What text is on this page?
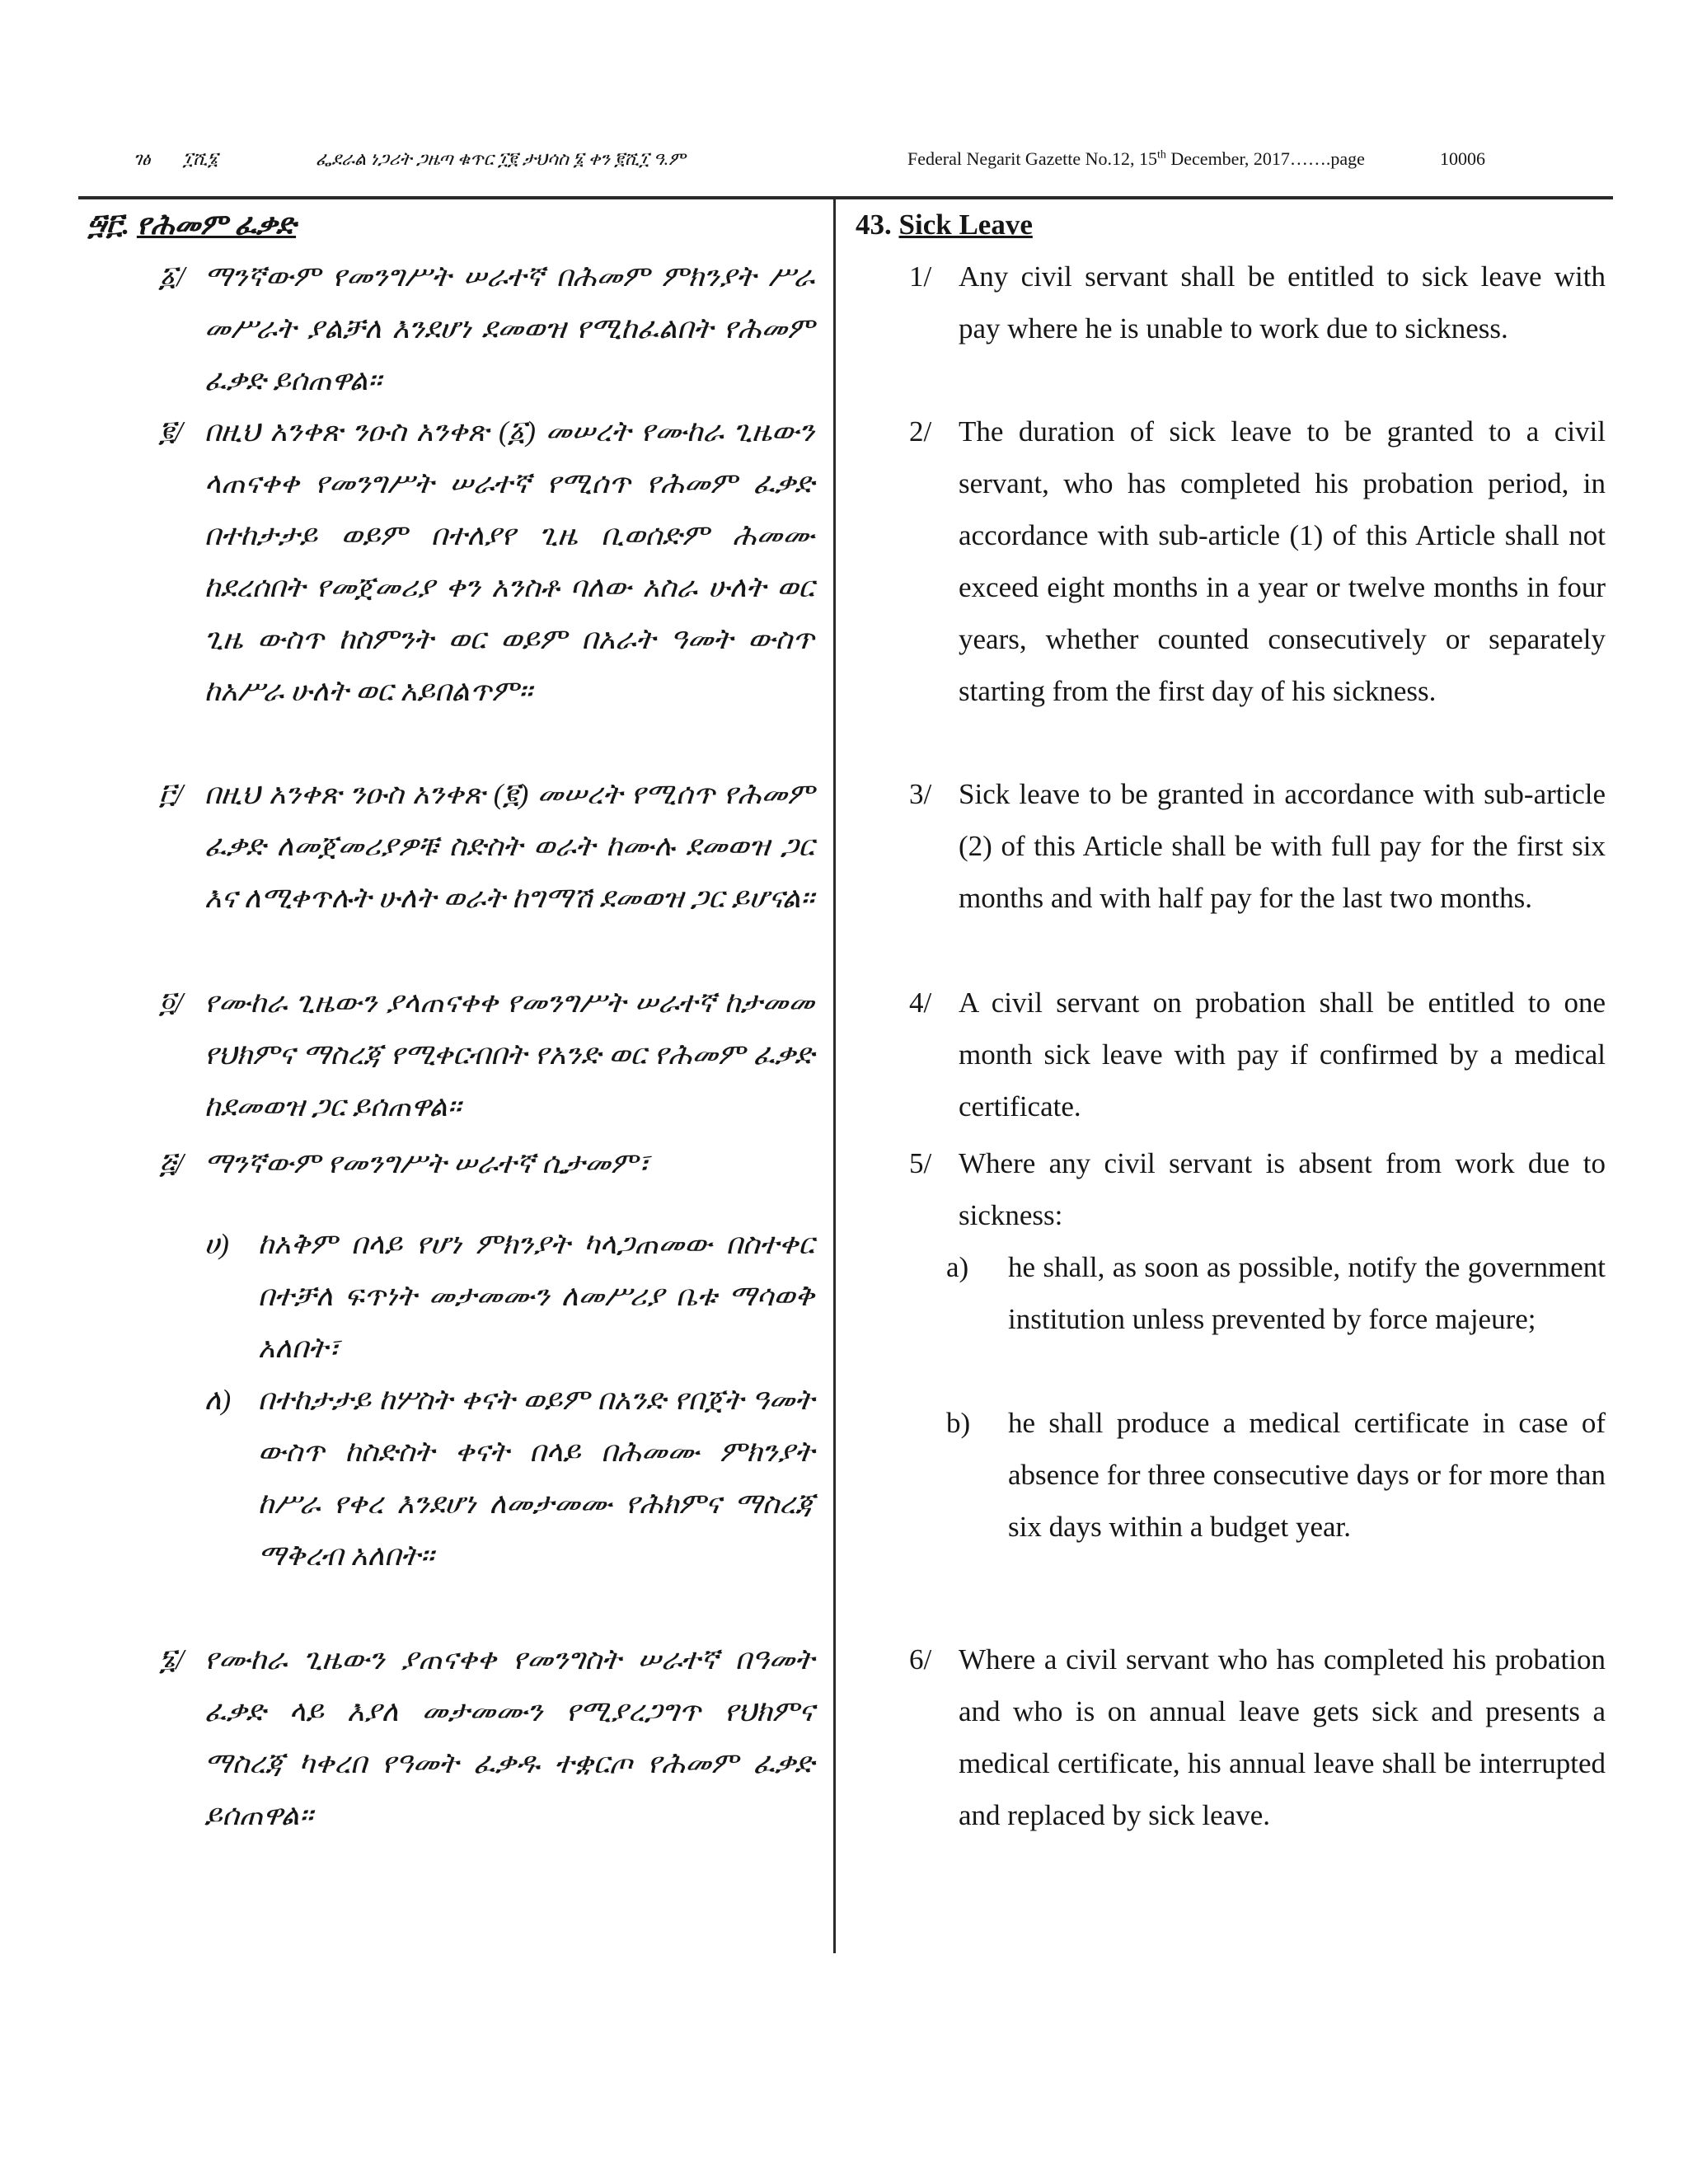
ገፅ ፲ሺ፮	ፌደራል ነጋሪት ጋዜጣ ቁጥር ፲፪ ታህሳስ ፮ ቀን ፪ሺ፲ ዓ.ም	Federal Negarit Gazette No.12, 15th December, 2017…….page	10006
፵፫. የሕመም ፈቃድ
፩/ ማንኛውም የመንግሥት ሠራተኛ በሕመም ምክንያት ሥራ መሥራት ያልቻለ እንደሆነ ደመወዝ የሚከፈልበት የሕመም ፈቃድ ይሰጠዋል፡፡
፪/ በዚህ አንቀጽ ንዑስ አንቀጽ (፩) መሠረት የሙከራ ጊዜውን ላጠናቀቀ የመንግሥት ሠራተኛ የሚሰጥ የሕመም ፈቃድ በተከታታይ ወይም በተለያየ ጊዜ ቢወሰድም ሕመሙ ከደረሰበት የመጀመሪያ ቀን አንስቶ ባለው አስራ ሁለት ወር ጊዜ ውስጥ ከስምንት ወር ወይም በአራት ዓመት ውስጥ ከአሥራ ሁለት ወር አይበልጥም፡፡
፫/ በዚህ አንቀጽ ንዑስ አንቀጽ (፪) መሠረት የሚሰጥ የሕመም ፈቃድ ለመጀመሪያዎቹ ስድስት ወራት ከሙሉ ደመወዝ ጋር እና ለሚቀጥሉት ሁለት ወራት ከግማሽ ደመወዝ ጋር ይሆናል፡፡
፬/ የሙከራ ጊዜውን ያላጠናቀቀ የመንግሥት ሠራተኛ ከታመመ የህክምና ማስረጃ የሚቀርብበት የአንድ ወር የሕመም ፈቃድ ከደመወዝ ጋር ይሰጠዋል፡፡
፭/ ማንኛውም የመንግሥት ሠራተኛ ሲታመም፣
ሀ) ከአቅም በላይ የሆነ ምክንያት ካላጋጠመው በስተቀር በተቻለ ፍጥነት መታመሙን ለመሥሪያ ቤቱ ማሳወቅ አለበት፣
ለ) በተከታታይ ከሦስት ቀናት ወይም በአንድ የበጀት ዓመት ውስጥ ከስድስት ቀናት በላይ በሕመሙ ምክንያት ከሥራ የቀረ እንደሆነ ለመታመሙ የሕክምና ማስረጃ ማቅረብ አለበት፡፡
፮/ የሙከራ ጊዜውን ያጠናቀቀ የመንግስት ሠራተኛ በዓመት ፈቃድ ላይ እያለ መታመሙን የሚያረጋግጥ የህክምና ማስረጃ ካቀረበ የዓመት ፈቃዱ ተቋርጦ የሕመም ፈቃድ ይሰጠዋል፡፡
43. Sick Leave
1/ Any civil servant shall be entitled to sick leave with pay where he is unable to work due to sickness.
2/ The duration of sick leave to be granted to a civil servant, who has completed his probation period, in accordance with sub-article (1) of this Article shall not exceed eight months in a year or twelve months in four years, whether counted consecutively or separately starting from the first day of his sickness.
3/ Sick leave to be granted in accordance with sub-article (2) of this Article shall be with full pay for the first six months and with half pay for the last two months.
4/ A civil servant on probation shall be entitled to one month sick leave with pay if confirmed by a medical certificate.
5/ Where any civil servant is absent from work due to sickness:
a) he shall, as soon as possible, notify the government institution unless prevented by force majeure;
b) he shall produce a medical certificate in case of absence for three consecutive days or for more than six days within a budget year.
6/ Where a civil servant who has completed his probation and who is on annual leave gets sick and presents a medical certificate, his annual leave shall be interrupted and replaced by sick leave.
